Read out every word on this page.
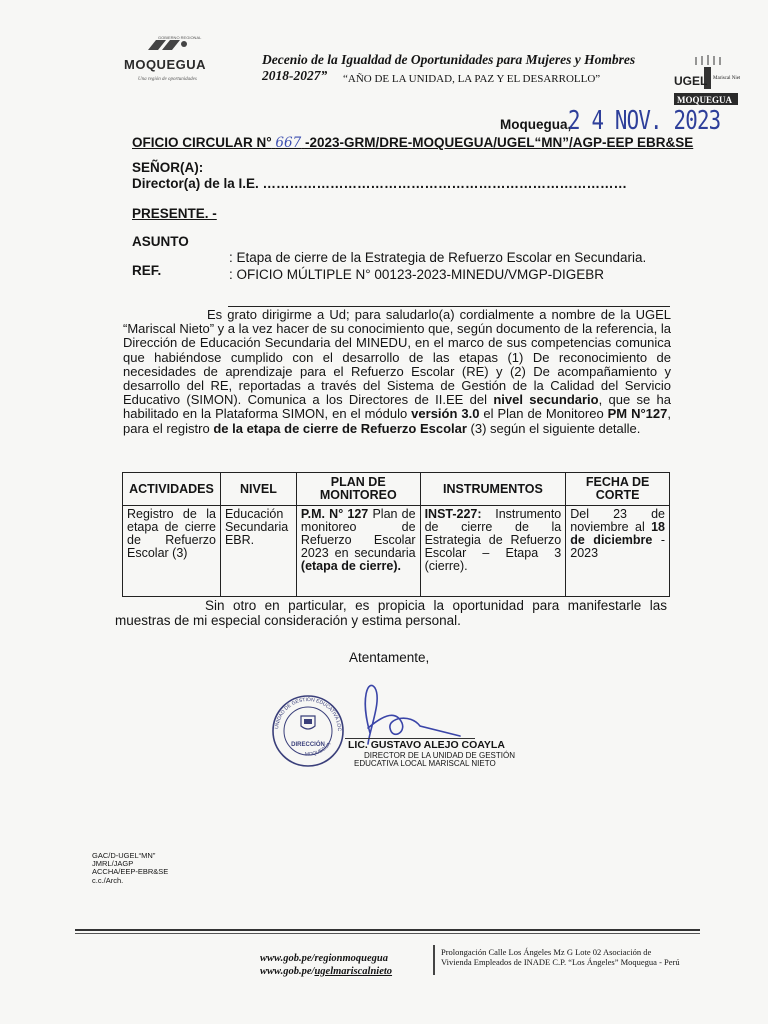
GOBIERNO REGIONAL
MOQUEGUA
Una región de oportunidades
Decenio de la Igualdad de Oportunidades para Mujeres y Hombres 2018-2027”	“AÑO DE LA UNIDAD, LA PAZ Y EL DESARROLLO”	UGEL Mariscal Nieto
MOQUEGUA
Moquegua,
2 4 NOV. 2023
OFICIO CIRCULAR N° 667 -2023-GRM/DRE-MOQUEGUA/UGEL“MN”/AGP-EEP EBR&SE
SEÑOR(A):
Director(a) de la I.E. ………………………………………………………………………
PRESENTE. -
ASUNTO
: Etapa de cierre de la Estrategia de Refuerzo Escolar en Secundaria.
REF.	: OFICIO MÚLTIPLE N° 00123-2023-MINEDU/VMGP-DIGEBR
Es grato dirigirme a Ud; para saludarlo(a) cordialmente a nombre de la UGEL “Mariscal Nieto” y a la vez hacer de su conocimiento que, según documento de la referencia, la Dirección de Educación Secundaria del MINEDU, en el marco de sus competencias comunica que habiéndose cumplido con el desarrollo de las etapas (1) De reconocimiento de necesidades de aprendizaje para el Refuerzo Escolar (RE) y (2) De acompañamiento y desarrollo del RE, reportadas a través del Sistema de Gestión de la Calidad del Servicio Educativo (SIMON). Comunica a los Directores de II.EE del nivel secundario, que se ha habilitado en la Plataforma SIMON, en el módulo versión 3.0 el Plan de Monitoreo PM N°127, para el registro de la etapa de cierre de Refuerzo Escolar (3) según el siguiente detalle.
ACTIVIDADES	NIVEL	PLAN DE MONITOREO	INSTRUMENTOS	FECHA DE CORTE
Registro de la etapa de cierre de Refuerzo Escolar (3)	Educación Secundaria EBR.	P.M. N° 127 Plan de monitoreo de Refuerzo Escolar 2023 en secundaria (etapa de cierre).	INST-227: Instrumento de cierre de la Estrategia de Refuerzo Escolar – Etapa 3 (cierre).	Del 23 de noviembre al 18 de diciembre - 2023
Sin otro en particular, es propicia la oportunidad para manifestarle las muestras de mi especial consideración y estima personal.
Atentamente,
UNIDAD DE GESTIÓN EDUCATIVA LOC
MOQUEGUA
DIRECCIÓN LIC. GUSTAVO ALEJO COAYLA
DIRECTOR DE LA UNIDAD DE GESTIÓN
EDUCATIVA LOCAL MARISCAL NIETO
GAC/D-UGEL“MN”
JMRL/JAGP
ACCHA/EEP-EBR&SE
c.c./Arch.
www.gob.pe/regionmoquegua
www.gob.pe/ugelmariscalnieto
Prolongación Calle Los Ángeles Mz G Lote 02 Asociación de Vivienda Empleados de INADE C.P. “Los Ángeles” Moquegua - Perú
